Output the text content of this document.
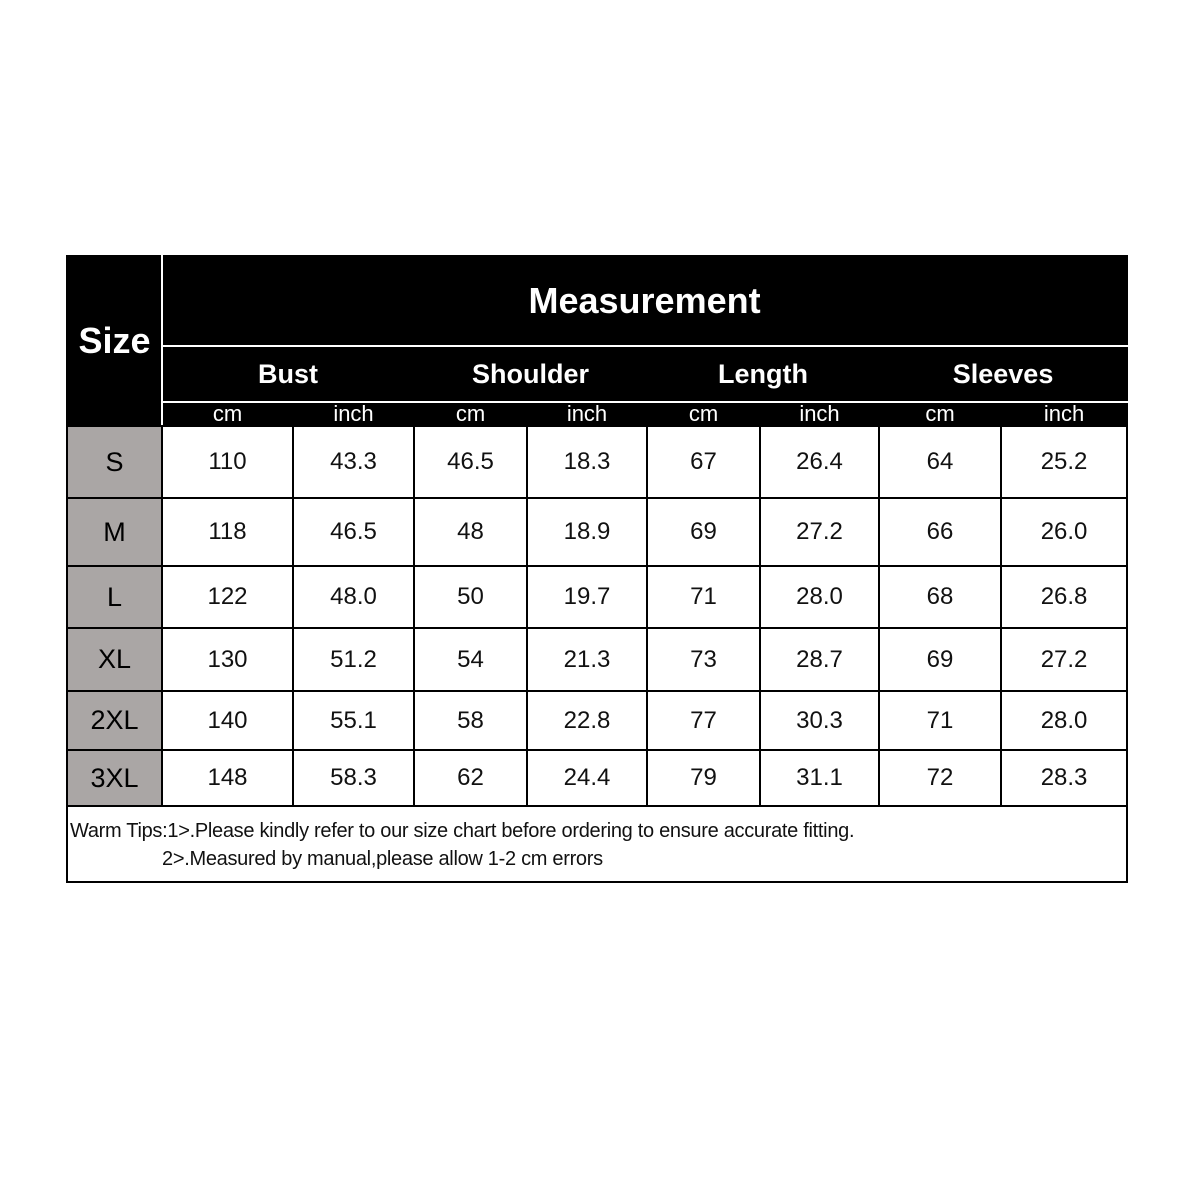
Size	Measurement							
	Bust		Shoulder		Length		Sleeves	
	cm	inch	cm	inch	cm	inch	cm	inch
S	110	43.3	46.5	18.3	67	26.4	64	25.2
M	118	46.5	48	18.9	69	27.2	66	26.0
L	122	48.0	50	19.7	71	28.0	68	26.8
XL	130	51.2	54	21.3	73	28.7	69	27.2
2XL	140	55.1	58	22.8	77	30.3	71	28.0
3XL	148	58.3	62	24.4	79	31.1	72	28.3
Warm Tips:1>.Please kindly refer to our size chart before ordering to ensure accurate fitting.
2>.Measured by manual,please allow 1-2 cm errors								
